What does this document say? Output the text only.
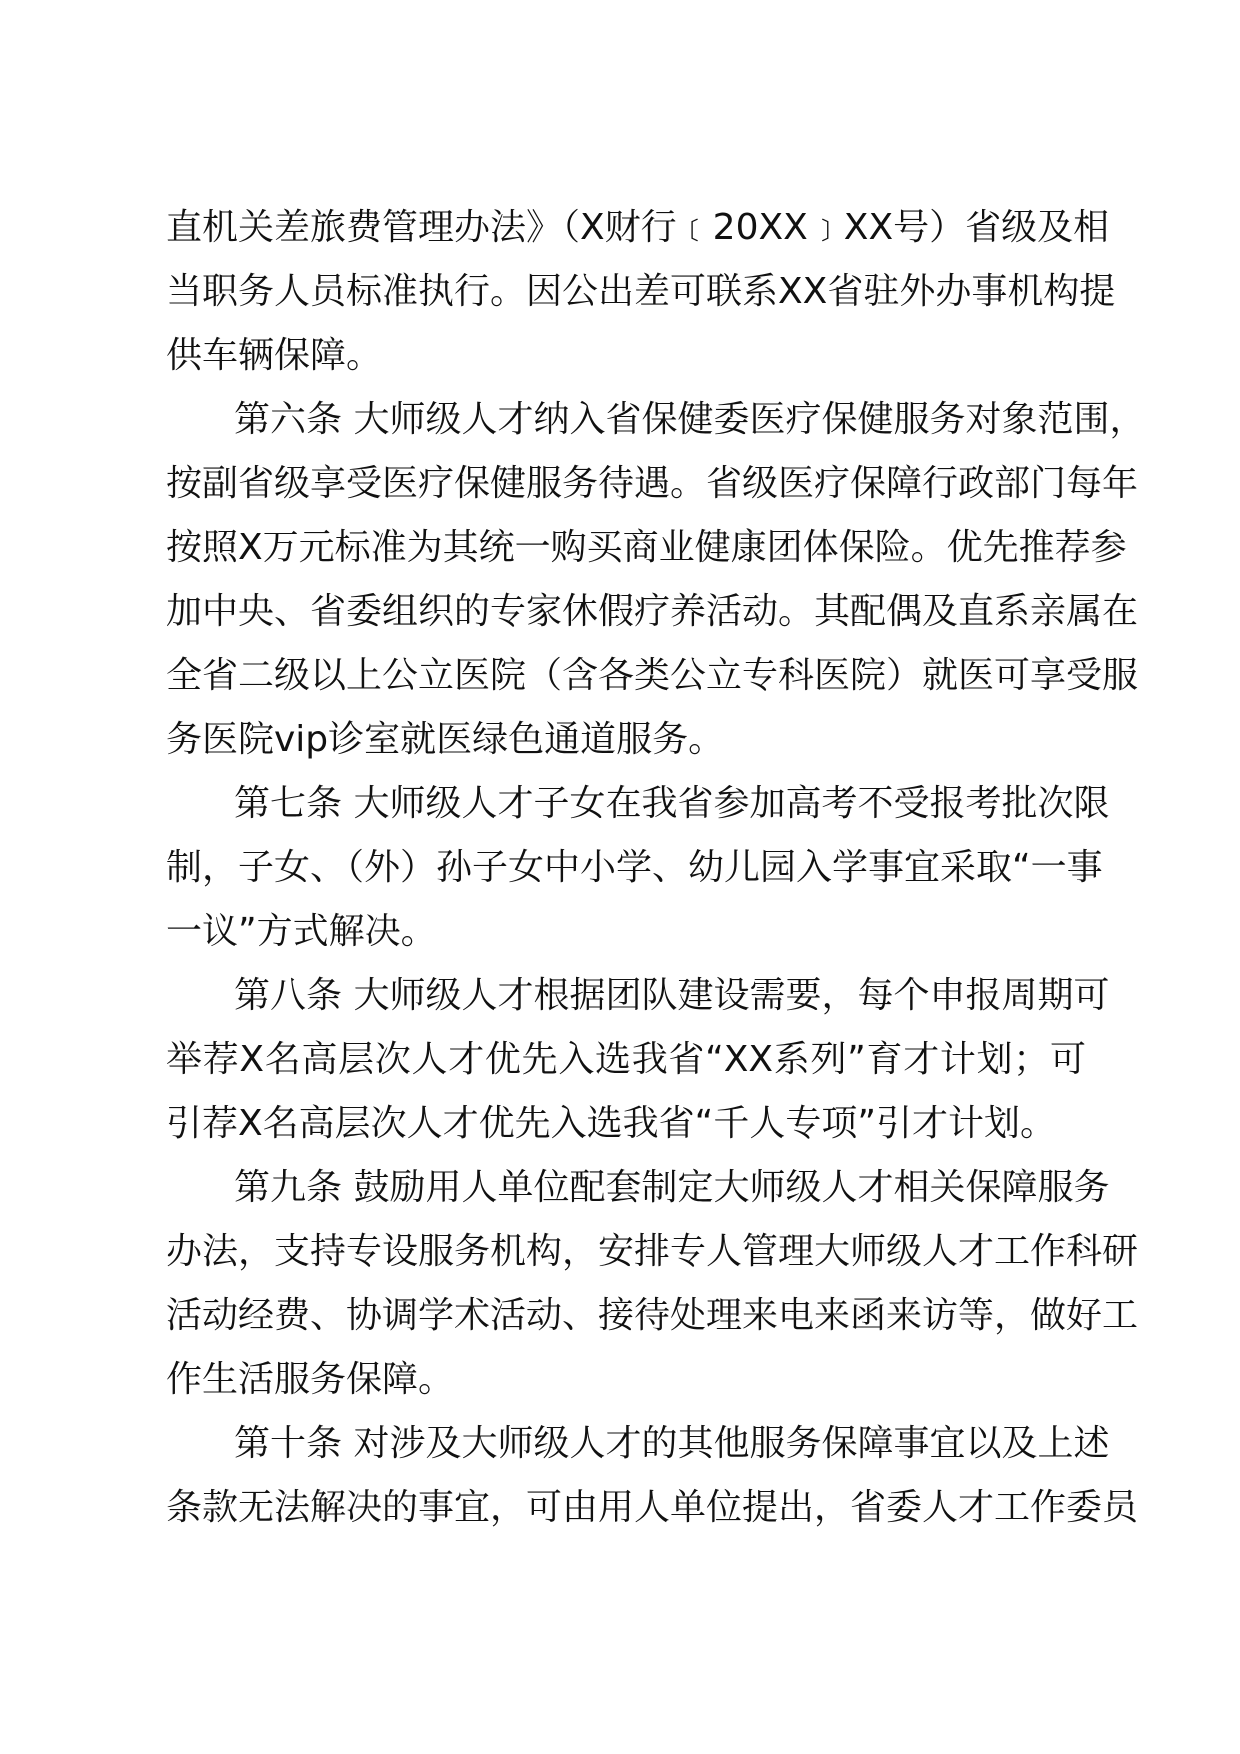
直机关差旅费管理办法》（X财行﹝20XX﹞XX号）省级及相
当职务人员标准执行。因公出差可联系XX省驻外办事机构提
供车辆保障。
第六条 大师级人才纳入省保健委医疗保健服务对象范围，
按副省级享受医疗保健服务待遇。省级医疗保障行政部门每年
按照X万元标准为其统一购买商业健康团体保险。优先推荐参
加中央、省委组织的专家休假疗养活动。其配偶及直系亲属在
全省二级以上公立医院（含各类公立专科医院）就医可享受服
务医院vip诊室就医绿色通道服务。
第七条 大师级人才子女在我省参加高考不受报考批次限
制，子女、（外）孙子女中小学、幼儿园入学事宜采取“一事
一议”方式解决。
第八条 大师级人才根据团队建设需要，每个申报周期可
举荐X名高层次人才优先入选我省“XX系列”育才计划；可
引荐X名高层次人才优先入选我省“千人专项”引才计划。
第九条 鼓励用人单位配套制定大师级人才相关保障服务
办法，支持专设服务机构，安排专人管理大师级人才工作科研
活动经费、协调学术活动、接待处理来电来函来访等，做好工
作生活服务保障。
第十条 对涉及大师级人才的其他服务保障事宜以及上述
条款无法解决的事宜，可由用人单位提出，省委人才工作委员
